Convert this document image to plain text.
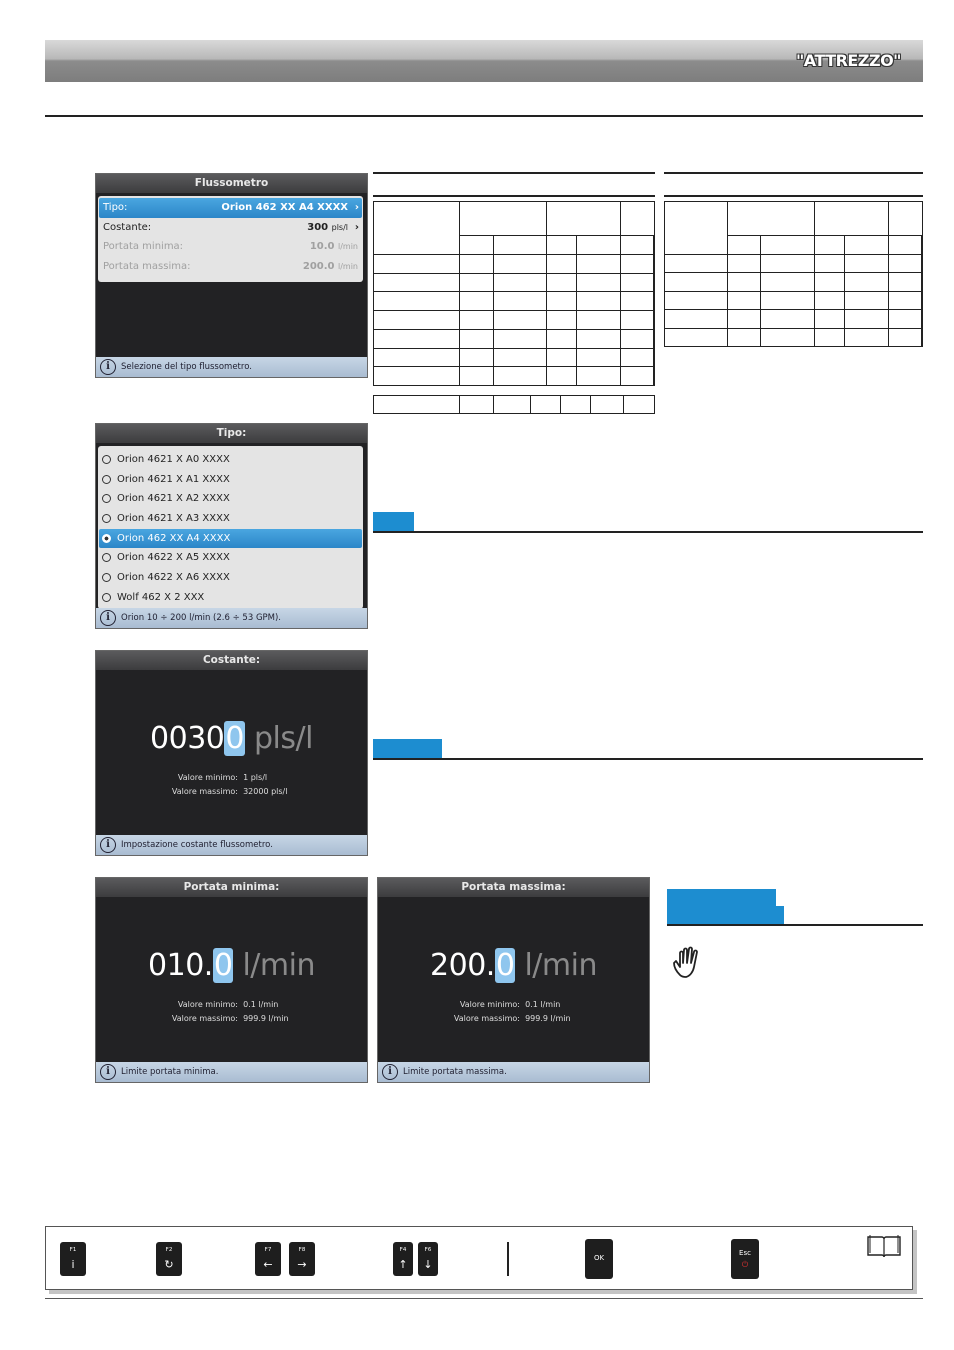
"ATTREZZO"
Flussometro
Tipo:	Orion 462 XX A4 XXXX ›
Costante:	300 pls/l ›
Portata minima:	10.0 l/min
Portata massima:	200.0 l/min
i	Selezione del tipo flussometro.
Tipo:
Orion 4621 X A0 XXXX
Orion 4621 X A1 XXXX
Orion 4621 X A2 XXXX
Orion 4621 X A3 XXXX
Orion 462 XX A4 XXXX
Orion 4622 X A5 XXXX
Orion 4622 X A6 XXXX
Wolf 462 X 2 XXX
i	Orion 10 ÷ 200 l/min (2.6 ÷ 53 GPM).
Costante:
00300 pls/l
Valore minimo: 1 pls/l
Valore massimo: 32000 pls/l
i	Impostazione costante flussometro.
Portata minima:
010.0 l/min
Valore minimo: 0.1 l/min
Valore massimo: 999.9 l/min
i	Limite portata minima.
Portata massima:
200.0 l/min
Valore minimo: 0.1 l/min
Valore massimo: 999.9 l/min
i	Limite portata massima.

F1
i
F2
↻
F7
←
F8
→
F4
↑
F6
↓	OK
Esc
⏻
